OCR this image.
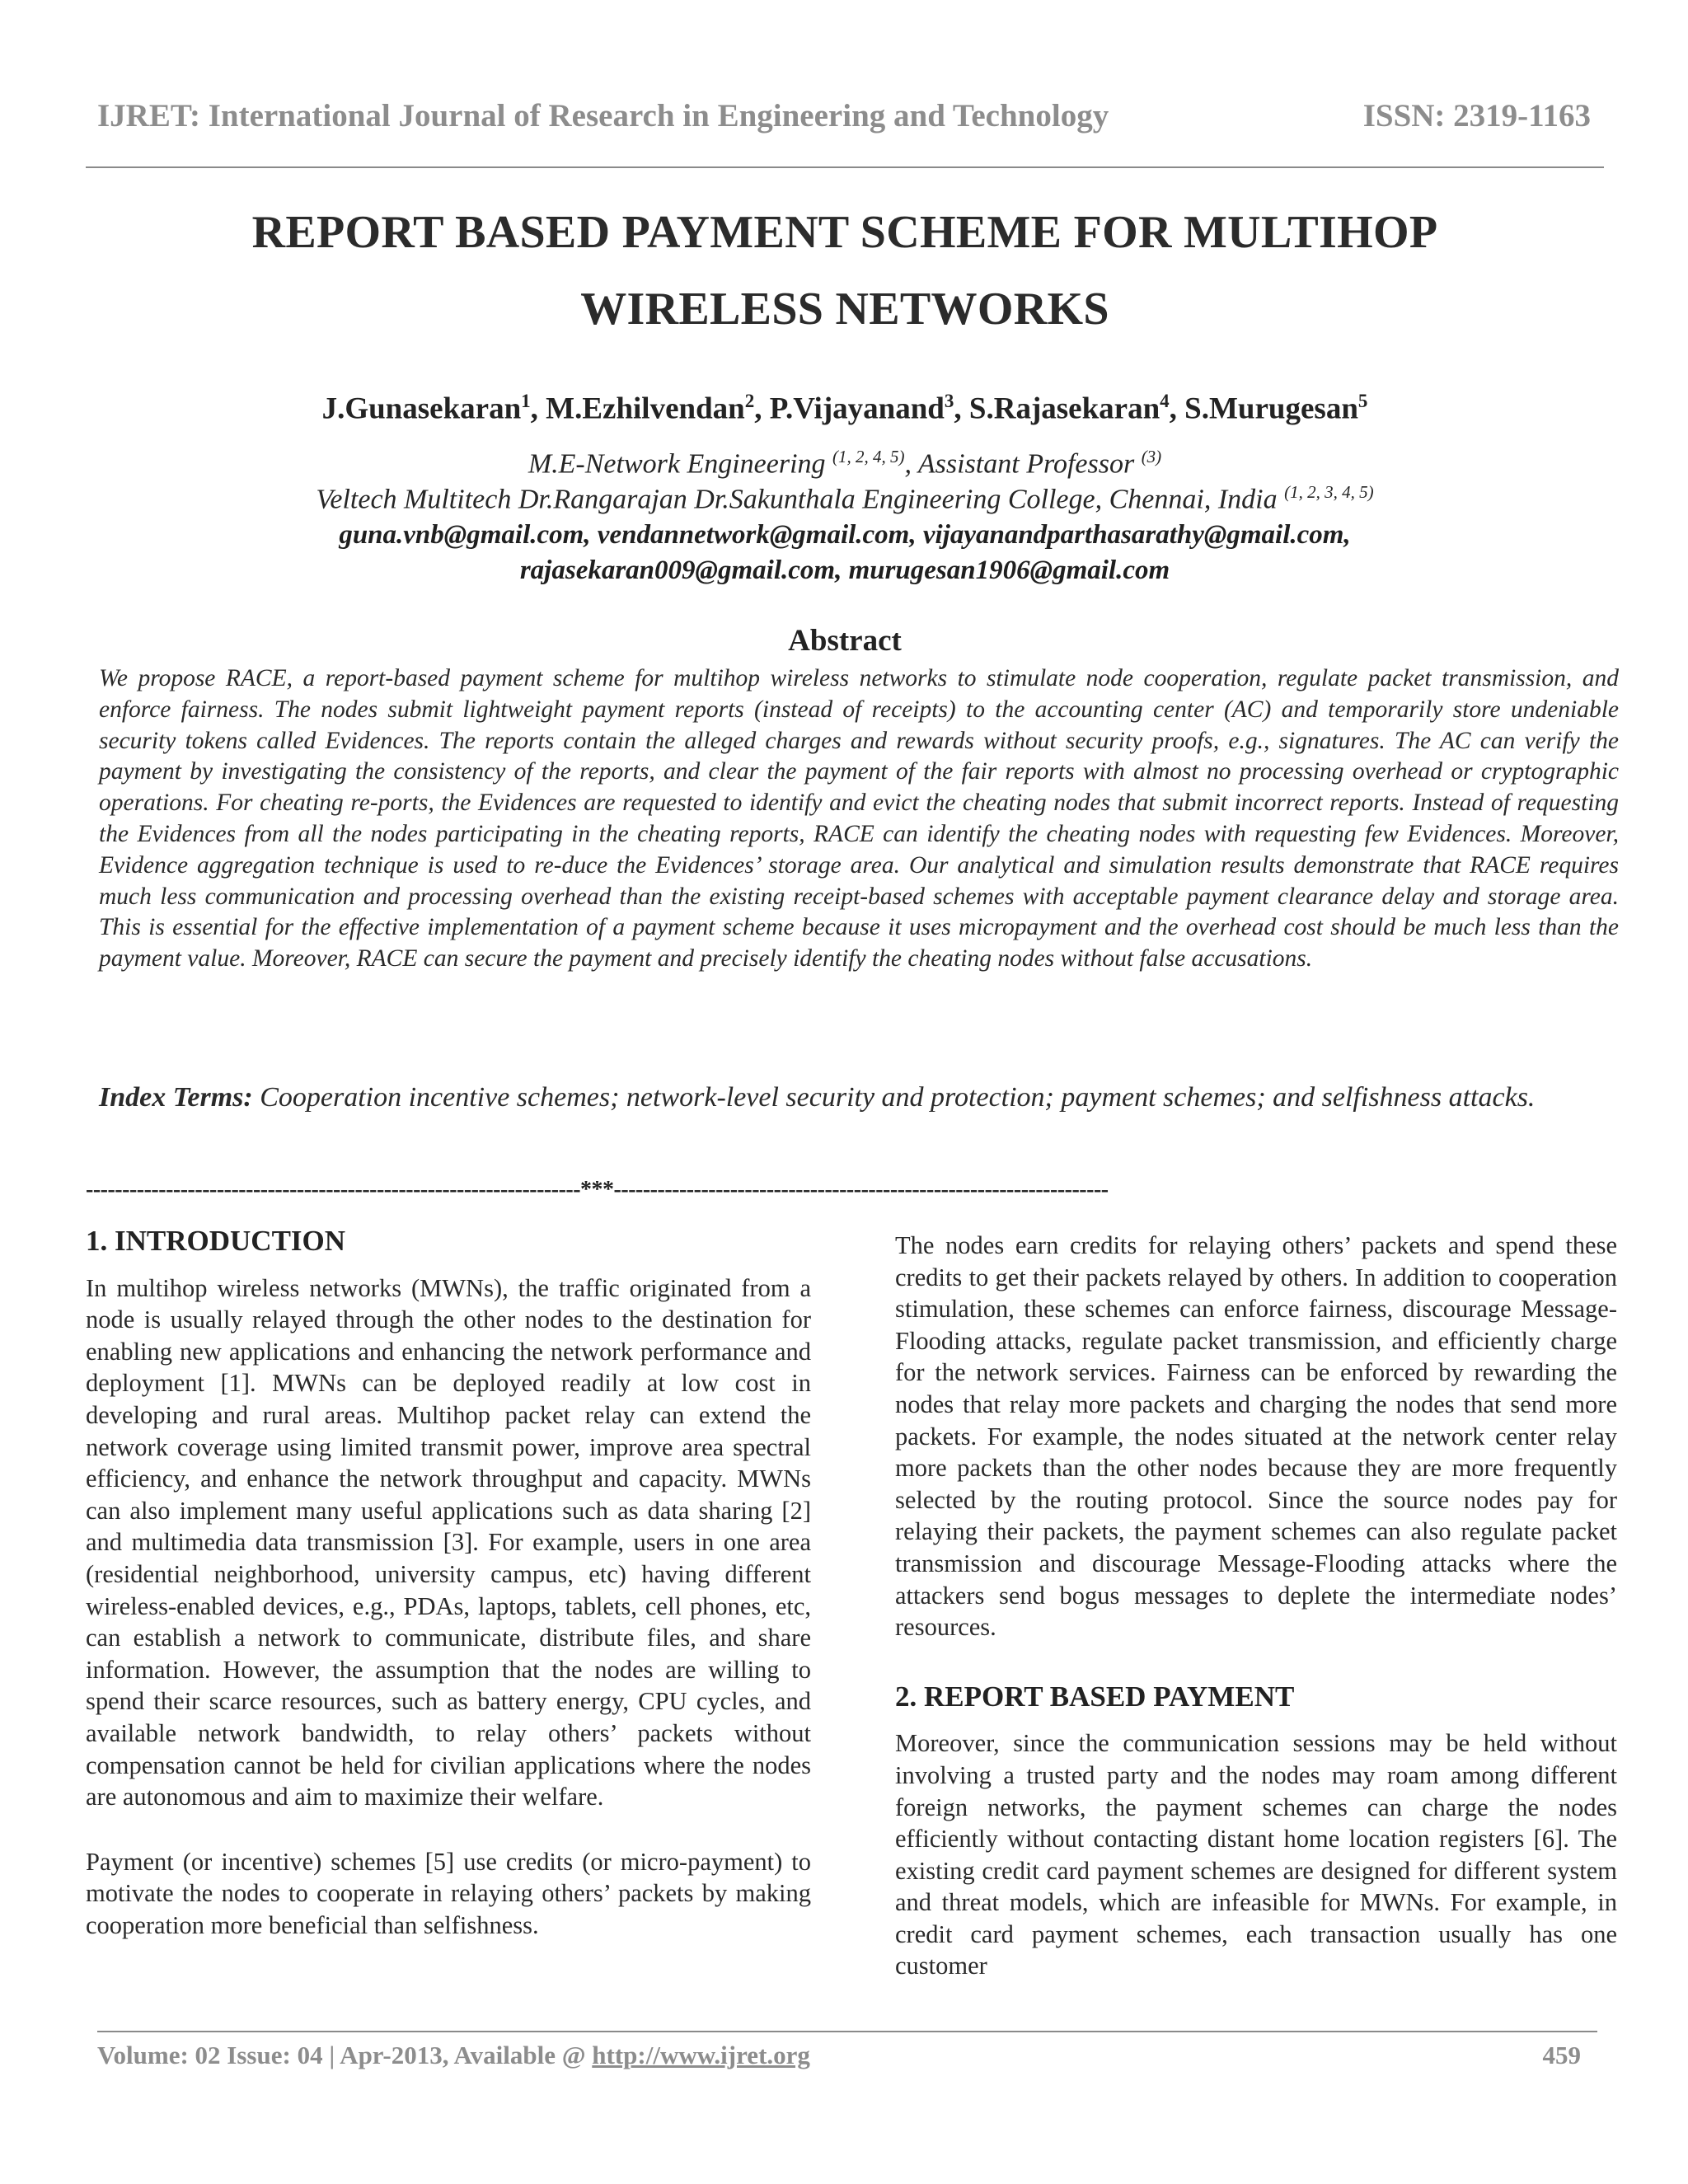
IJRET: International Journal of Research in Engineering and Technology	ISSN: 2319-1163
REPORT BASED PAYMENT SCHEME FOR MULTIHOP
WIRELESS NETWORKS
J.Gunasekaran$^1$, M.Ezhilvendan$^2$, P.Vijayanand$^3$, S.Rajasekaran$^4$, S.Murugesan$^5$
M.E-Network Engineering $^{(1, 2, 4, 5)}$, Assistant Professor $^{(3)}$
Veltech Multitech Dr.Rangarajan Dr.Sakunthala Engineering College, Chennai, India $^{(1, 2, 3, 4, 5)}$
guna.vnb@gmail.com, vendannetwork@gmail.com, vijayanandparthasarathy@gmail.com,
rajasekaran009@gmail.com, murugesan1906@gmail.com
Abstract

We propose RACE, a report-based payment scheme for multihop wireless networks to stimulate node cooperation, regulate packet transmission, and enforce fairness. The nodes submit lightweight payment reports (instead of receipts) to the accounting center (AC) and temporarily store undeniable security tokens called Evidences. The reports contain the alleged charges and rewards without security proofs, e.g., signatures. The AC can verify the payment by investigating the consistency of the reports, and clear the payment of the fair reports with almost no processing overhead or cryptographic operations. For cheating re-ports, the Evidences are requested to identify and evict the cheating nodes that submit incorrect reports. Instead of requesting the Evidences from all the nodes participating in the cheating reports, RACE can identify the cheating nodes with requesting few Evidences. Moreover, Evidence aggregation technique is used to re-duce the Evidences’ storage area. Our analytical and simulation results demonstrate that RACE requires much less communication and processing overhead than the existing receipt-based schemes with acceptable payment clearance delay and storage area. This is essential for the effective implementation of a payment scheme because it uses micropayment and the overhead cost should be much less than the payment value. Moreover, RACE can secure the payment and precisely identify the cheating nodes without false accusations.

Index Terms: Cooperation incentive schemes; network-level security and protection; payment schemes; and selfishness attacks.

--------------------------------------------------------------------***--------------------------------------------------------------------
1. INTRODUCTION

In multihop wireless networks (MWNs), the traffic originated from a node is usually relayed through the other nodes to the destination for enabling new applications and enhancing the network performance and deployment [1]. MWNs can be deployed readily at low cost in developing and rural areas. Multihop packet relay can extend the network coverage using limited transmit power, improve area spectral efficiency, and enhance the network throughput and capacity. MWNs can also implement many useful applications such as data sharing [2] and multimedia data transmission [3]. For example, users in one area (residential neighborhood, university campus, etc) having different wireless-enabled devices, e.g., PDAs, laptops, tablets, cell phones, etc, can establish a network to communicate, distribute files, and share information. However, the assumption that the nodes are willing to spend their scarce resources, such as battery energy, CPU cycles, and available network bandwidth, to relay others’ packets without compensation cannot be held for civilian applications where the nodes are autonomous and aim to maximize their welfare.

Payment (or incentive) schemes [5] use credits (or micro-payment) to motivate the nodes to cooperate in relaying others’ packets by making cooperation more beneficial than selfishness.

The nodes earn credits for relaying others’ packets and spend these credits to get their packets relayed by others. In addition to cooperation stimulation, these schemes can enforce fairness, discourage Message-Flooding attacks, regulate packet transmission, and efficiently charge for the network services. Fairness can be enforced by rewarding the nodes that relay more packets and charging the nodes that send more packets. For example, the nodes situated at the network center relay more packets than the other nodes because they are more frequently selected by the routing protocol. Since the source nodes pay for relaying their packets, the payment schemes can also regulate packet transmission and discourage Message-Flooding attacks where the attackers send bogus messages to deplete the intermediate nodes’ resources.

2. REPORT BASED PAYMENT

Moreover, since the communication sessions may be held without involving a trusted party and the nodes may roam among different foreign networks, the payment schemes can charge the nodes efficiently without contacting distant home location registers [6]. The existing credit card payment schemes are designed for different system and threat models, which are infeasible for MWNs. For example, in credit card payment schemes, each transaction usually has one customer

Volume: 02 Issue: 04 | Apr-2013, Available @ http://www.ijret.org	459
